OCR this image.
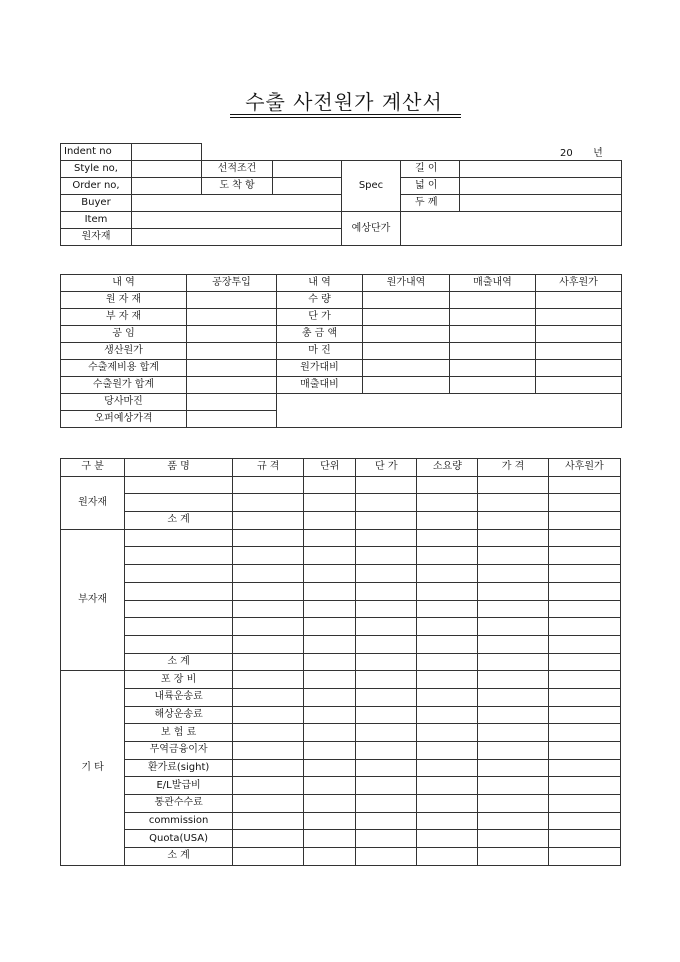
수출 사전원가 계산서
20 년
Indent no						
Style no,		선적조건		Spec	길 이	
Order no,		도 착 항			넓 이	
Buyer					두 께	
Item				예상단가		
원자재						
내 역	공장투입	내 역	원가내역	매출내역	사후원가
원 자 재		수 량			
부 자 재		단 가			
공 임		총 금 액			
생산원가		마 진			
수출제비용 합계		원가대비			
수출원가 합계		매출대비			
당사마진					
오퍼예상가격					
구 분	품 명	규 격	단위	단 가	소요량	가 격	사후원가
원자재							

	소 계						
부자재							

	소 계						
기 타	포 장 비						
	내륙운송료						
	해상운송료						
	보 험 료						
	무역금융이자						
	환가료(sight)						
	E/L발급비						
	통관수수료						
	commission						
	Quota(USA)						
	소 계						
